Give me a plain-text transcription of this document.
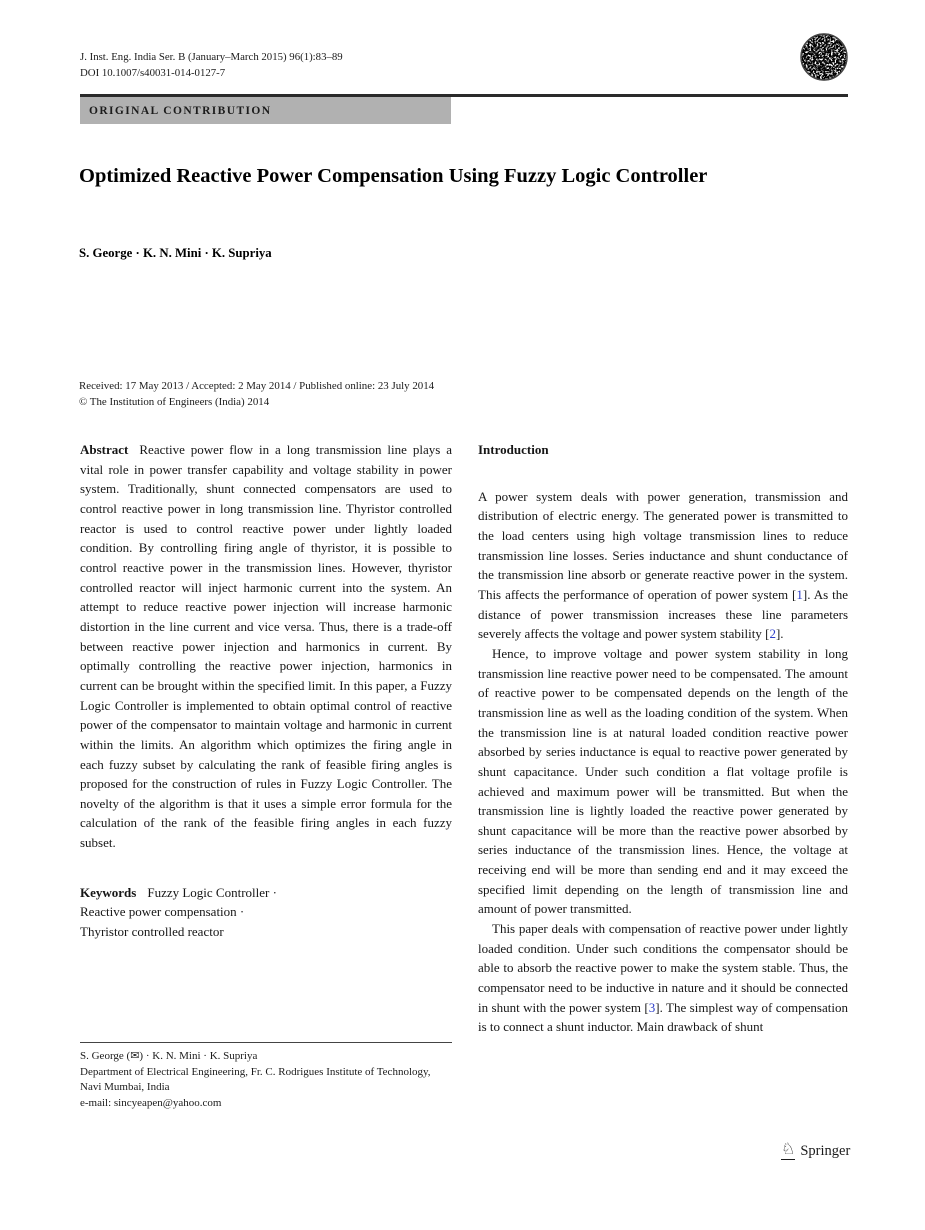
J. Inst. Eng. India Ser. B (January–March 2015) 96(1):83–89
DOI 10.1007/s40031-014-0127-7
ORIGINAL CONTRIBUTION
Optimized Reactive Power Compensation Using Fuzzy Logic Controller
S. George · K. N. Mini · K. Supriya
Received: 17 May 2013 / Accepted: 2 May 2014 / Published online: 23 July 2014
© The Institution of Engineers (India) 2014

Abstract Reactive power flow in a long transmission line plays a vital role in power transfer capability and voltage stability in power system. Traditionally, shunt connected compensators are used to control reactive power in long transmission line. Thyristor controlled reactor is used to control reactive power under lightly loaded condition. By controlling firing angle of thyristor, it is possible to control reactive power in the transmission lines. However, thyristor controlled reactor will inject harmonic current into the system. An attempt to reduce reactive power injection will increase harmonic distortion in the line current and vice versa. Thus, there is a trade-off between reactive power injection and harmonics in current. By optimally controlling the reactive power injection, harmonics in current can be brought within the specified limit. In this paper, a Fuzzy Logic Controller is implemented to obtain optimal control of reactive power of the compensator to maintain voltage and harmonic in current within the limits. An algorithm which optimizes the firing angle in each fuzzy subset by calculating the rank of feasible firing angles is proposed for the construction of rules in Fuzzy Logic Controller. The novelty of the algorithm is that it uses a simple error formula for the calculation of the rank of the feasible firing angles in each fuzzy subset.

Keywords Fuzzy Logic Controller ·
Reactive power compensation ·
Thyristor controlled reactor
Introduction

A power system deals with power generation, transmission and distribution of electric energy. The generated power is transmitted to the load centers using high voltage transmission lines to reduce transmission line losses. Series inductance and shunt conductance of the transmission line absorb or generate reactive power in the system. This affects the performance of operation of power system [1]. As the distance of power transmission increases these line parameters severely affects the voltage and power system stability [2].

Hence, to improve voltage and power system stability in long transmission line reactive power need to be compensated. The amount of reactive power to be compensated depends on the length of the transmission line as well as the loading condition of the system. When the transmission line is at natural loaded condition reactive power absorbed by series inductance is equal to reactive power generated by shunt capacitance. Under such condition a flat voltage profile is achieved and maximum power will be transmitted. But when the transmission line is lightly loaded the reactive power generated by shunt capacitance will be more than the reactive power absorbed by series inductance of the transmission lines. Hence, the voltage at receiving end will be more than sending end and it may exceed the specified limit depending on the length of transmission line and amount of power transmitted.

This paper deals with compensation of reactive power under lightly loaded condition. Under such conditions the compensator should be able to absorb the reactive power to make the system stable. Thus, the compensator need to be inductive in nature and it should be connected in shunt with the power system [3]. The simplest way of compensation is to connect a shunt inductor. Main drawback of shunt

S. George (✉) · K. N. Mini · K. Supriya
Department of Electrical Engineering, Fr. C. Rodrigues Institute of Technology, Navi Mumbai, India
e-mail: sincyeapen@yahoo.com
♘ Springer
